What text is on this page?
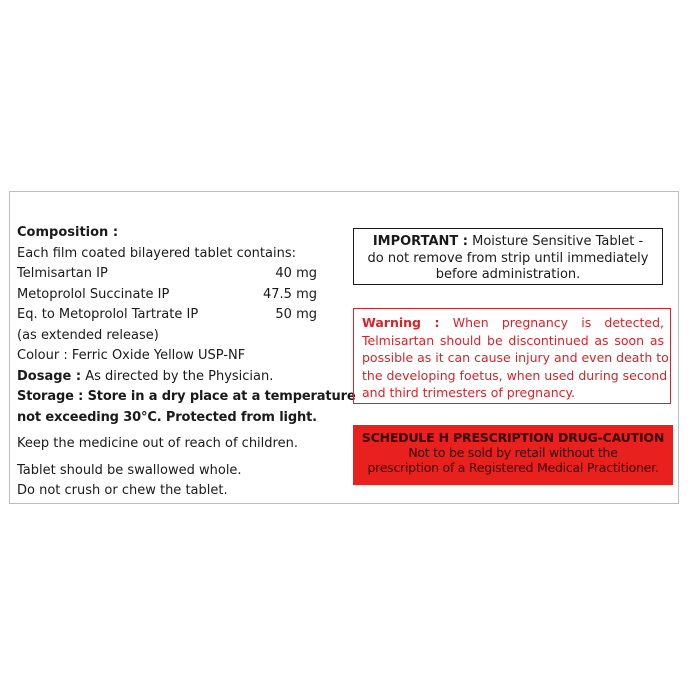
Composition :
Each film coated bilayered tablet contains:
Telmisartan IP	40 mg
Metoprolol Succinate IP	47.5 mg
Eq. to Metoprolol Tartrate IP	50 mg
(as extended release)
Colour : Ferric Oxide Yellow USP-NF
Dosage : As directed by the Physician.
Storage : Store in a dry place at a temperature
not exceeding 30°C. Protected from light.
Keep the medicine out of reach of children.
Tablet should be swallowed whole.
Do not crush or chew the tablet.
IMPORTANT : Moisture Sensitive Tablet -
do not remove from strip until immediately
before administration.
Warning : When pregnancy is detected,
Telmisartan should be discontinued as soon as
possible as it can cause injury and even death to
the developing foetus, when used during second
and third trimesters of pregnancy.
SCHEDULE H PRESCRIPTION DRUG-CAUTION
Not to be sold by retail without the
prescription of a Registered Medical Practitioner.
